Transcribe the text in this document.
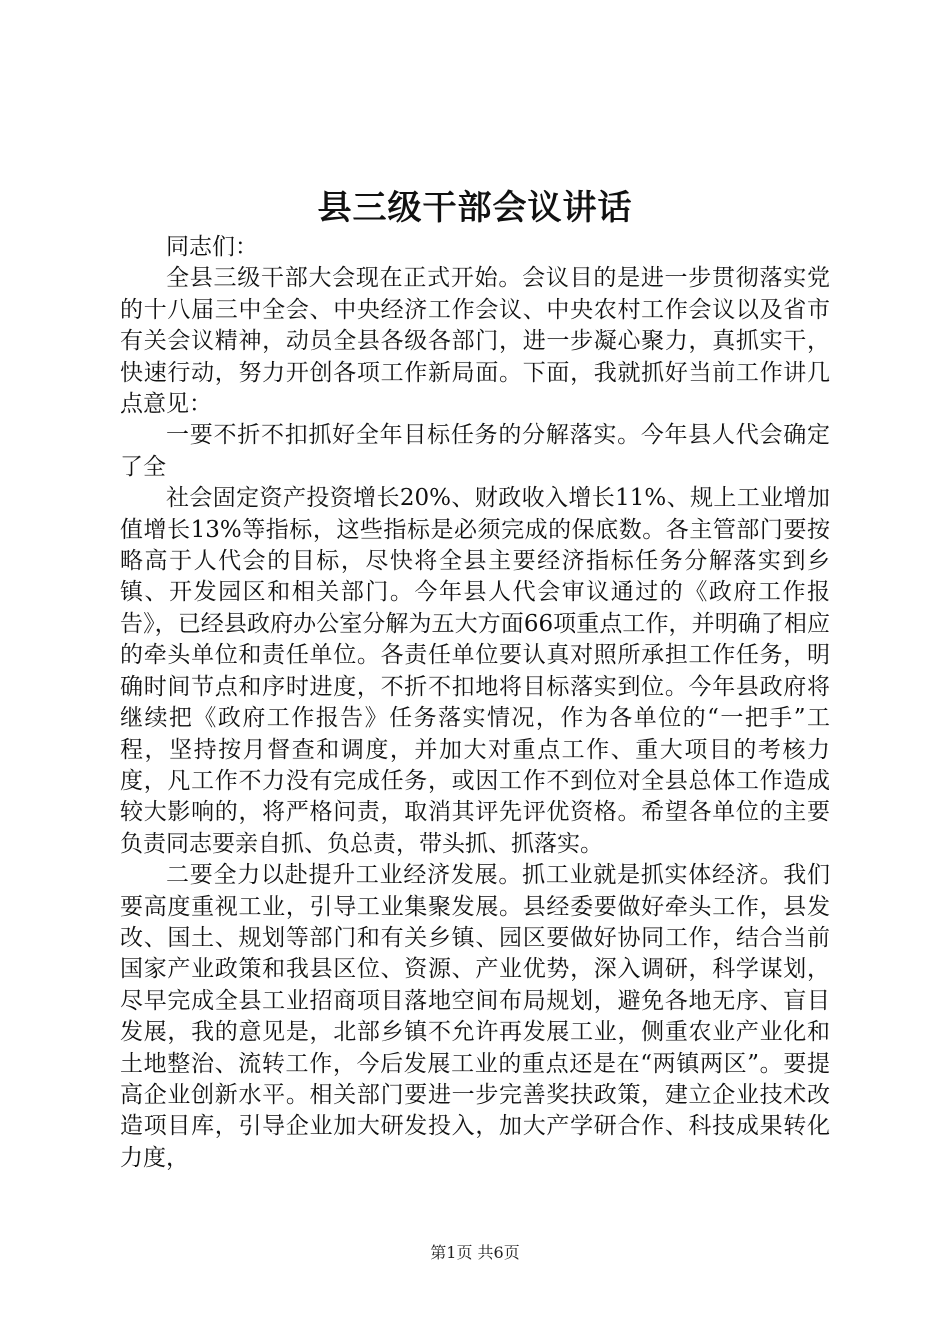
县三级干部会议讲话

同志们：

全县三级干部大会现在正式开始。会议目的是进一步贯彻落实党的十八届三中全会、中央经济工作会议、中央农村工作会议以及省市有关会议精神，动员全县各级各部门，进一步凝心聚力，真抓实干，快速行动，努力开创各项工作新局面。下面，我就抓好当前工作讲几点意见：

一要不折不扣抓好全年目标任务的分解落实。今年县人代会确定了全

社会固定资产投资增长20%、财政收入增长11%、规上工业增加值增长13%等指标，这些指标是必须完成的保底数。各主管部门要按略高于人代会的目标，尽快将全县主要经济指标任务分解落实到乡镇、开发园区和相关部门。今年县人代会审议通过的《政府工作报告》，已经县政府办公室分解为五大方面66项重点工作，并明确了相应的牵头单位和责任单位。各责任单位要认真对照所承担工作任务，明确时间节点和序时进度，不折不扣地将目标落实到位。今年县政府将继续把《政府工作报告》任务落实情况，作为各单位的“一把手”工程，坚持按月督查和调度，并加大对重点工作、重大项目的考核力度，凡工作不力没有完成任务，或因工作不到位对全县总体工作造成较大影响的，将严格问责，取消其评先评优资格。希望各单位的主要负责同志要亲自抓、负总责，带头抓、抓落实。

二要全力以赴提升工业经济发展。抓工业就是抓实体经济。我们要高度重视工业，引导工业集聚发展。县经委要做好牵头工作，县发改、国土、规划等部门和有关乡镇、园区要做好协同工作，结合当前国家产业政策和我县区位、资源、产业优势，深入调研，科学谋划，尽早完成全县工业招商项目落地空间布局规划，避免各地无序、盲目发展，我的意见是，北部乡镇不允许再发展工业，侧重农业产业化和土地整治、流转工作，今后发展工业的重点还是在“两镇两区”。要提高企业创新水平。相关部门要进一步完善奖扶政策，建立企业技术改造项目库，引导企业加大研发投入，加大产学研合作、科技成果转化力度，

第1页 共6页
